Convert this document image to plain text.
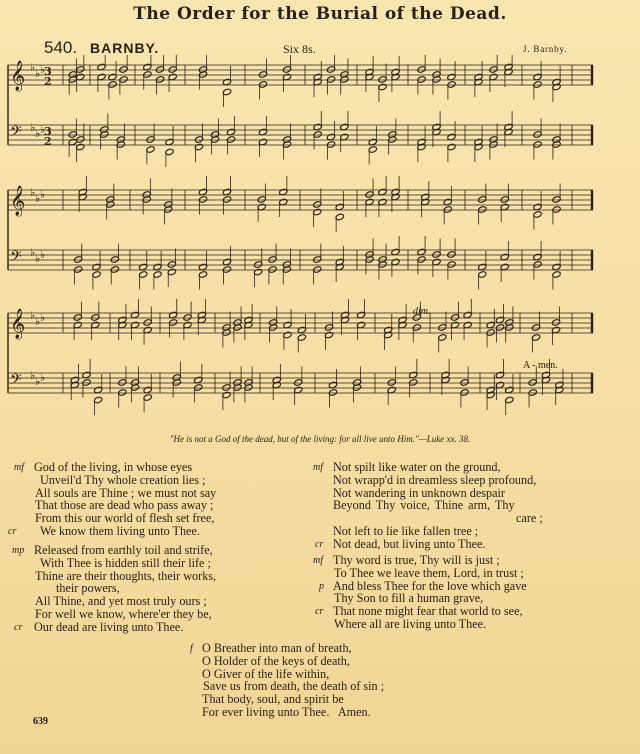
The Order for the Burial of the Dead.
540. BARNBY.	Six 8s.	J. Barnby.
𝄞 ♭ ♭ ♭
𝄢 ♭ ♭ ♭
𝄞 ♭ ♭ ♭
𝄢 ♭ ♭ ♭
𝄞 ♭ ♭ ♭
𝄢 ♭ ♭ ♭
3
2
3
2
dim.
A - men.
"He is not a God of the dead, but of the living: for all live unto Him."—Luke xx. 38.
mf God of the living, in whose eyes
Unveil'd Thy whole creation lies ;
All souls are Thine ; we must not say
That those are dead who pass away ;
From this our world of flesh set free,
cr We know them living unto Thee.
mp Released from earthly toil and strife,
With Thee is hidden still their life ;
Thine are their thoughts, their works,
their powers,
All Thine, and yet most truly ours ;
For well we know, where'er they be,
cr Our dead are living unto Thee.
mf Not spilt like water on the ground,
Not wrapp'd in dreamless sleep profound,
Not wandering in unknown despair
Beyond Thy voice, Thine arm, Thy
care ;
Not left to lie like fallen tree ;
cr Not dead, but living unto Thee.
mf Thy word is true, Thy will is just ;
To Thee we leave them, Lord, in trust ;
p And bless Thee for the love which gave
Thy Son to fill a human grave,
cr That none might fear that world to see,
Where all are living unto Thee.
f O Breather into man of breath,
O Holder of the keys of death,
O Giver of the life within,
Save us from death, the death of sin ;
That body, soul, and spirit be
For ever living unto Thee.   Amen.
639
